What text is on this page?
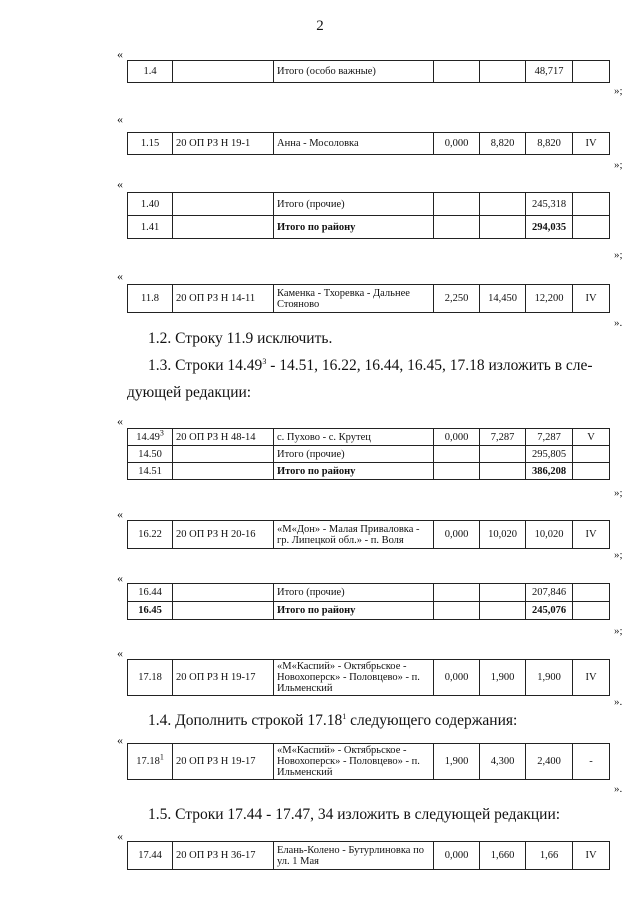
2
«
1.4		Итого (особо важные)			48,717	
»;
«
1.15	20 ОП РЗ Н 19-1	Анна - Мосоловка	0,000	8,820	8,820	IV
»;
«
1.40		Итого (прочие)			245,318	
1.41		Итого по району			294,035	
»;
«
11.8	20 ОП РЗ Н 14-11	Каменка - Тхоревка - Дальнее Стояново	2,250	14,450	12,200	IV
».
1.2. Строку 11.9 исключить.
1.3. Строки 14.49$^3$ - 14.51, 16.22, 16.44, 16.45, 17.18 изложить в сле-
дующей редакции:
«
14.49$^3$	20 ОП РЗ Н 48-14	с. Пухово - с. Крутец	0,000	7,287	7,287	V
14.50		Итого (прочие)			295,805	
14.51		Итого по району			386,208	
»;
«
16.22	20 ОП РЗ Н 20-16	«М«Дон» - Малая Приваловка - гр. Липецкой обл.» - п. Воля	0,000	10,020	10,020	IV
»;
«
16.44		Итого (прочие)			207,846	
16.45		Итого по району			245,076	
»;
«
17.18	20 ОП РЗ Н 19-17	«М«Каспий» - Октябрьское - Новохоперск» - Половцево» - п. Ильменский	0,000	1,900	1,900	IV
».
1.4. Дополнить строкой 17.18$^1$ следующего содержания:
«
17.18$^1$	20 ОП РЗ Н 19-17	«М«Каспий» - Октябрьское - Новохоперск» - Половцево» - п. Ильменский	1,900	4,300	2,400	-
».
1.5. Строки 17.44 - 17.47, 34 изложить в следующей редакции:
«
17.44	20 ОП РЗ Н 36-17	Елань-Колено - Бутурлиновка по ул. 1 Мая	0,000	1,660	1,66	IV
